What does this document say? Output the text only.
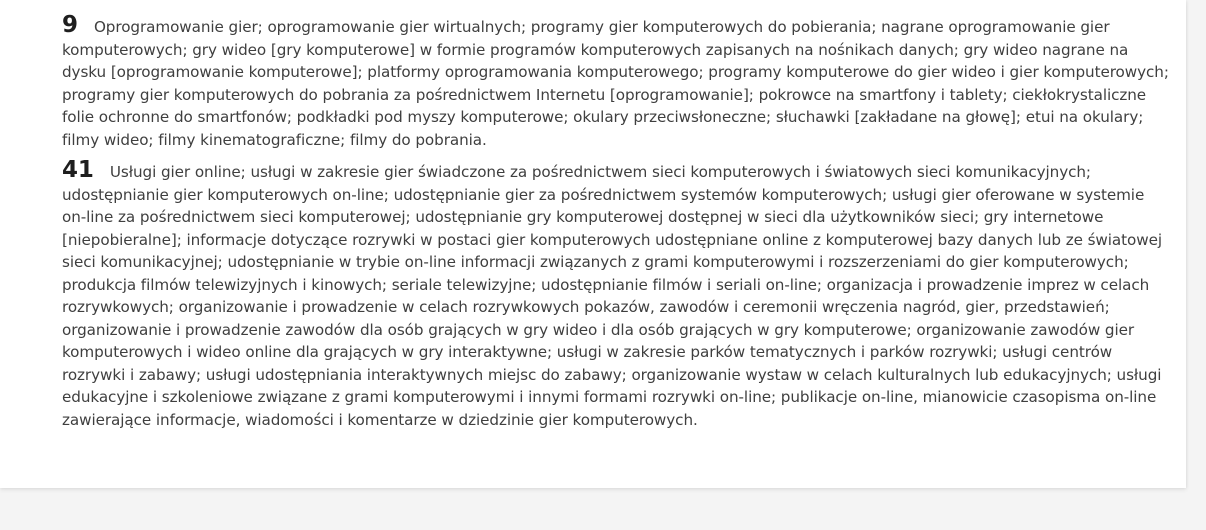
9 Oprogramowanie gier; oprogramowanie gier wirtualnych; programy gier komputerowych do pobierania; nagrane oprogramowanie gier komputerowych; gry wideo [gry komputerowe] w formie programów komputerowych zapisanych na nośnikach danych; gry wideo nagrane na dysku [oprogramowanie komputerowe]; platformy oprogramowania komputerowego; programy komputerowe do gier wideo i gier komputerowych; programy gier komputerowych do pobrania za pośrednictwem Internetu [oprogramowanie]; pokrowce na smartfony i tablety; ciekłokrystaliczne folie ochronne do smartfonów; podkładki pod myszy komputerowe; okulary przeciwsłoneczne; słuchawki [zakładane na głowę]; etui na okulary; filmy wideo; filmy kinematograficzne; filmy do pobrania.

41 Usługi gier online; usługi w zakresie gier świadczone za pośrednictwem sieci komputerowych i światowych sieci komunikacyjnych; udostępnianie gier komputerowych on-line; udostępnianie gier za pośrednictwem systemów komputerowych; usługi gier oferowane w systemie on-line za pośrednictwem sieci komputerowej; udostępnianie gry komputerowej dostępnej w sieci dla użytkowników sieci; gry internetowe [niepobieralne]; informacje dotyczące rozrywki w postaci gier komputerowych udostępniane online z komputerowej bazy danych lub ze światowej sieci komunikacyjnej; udostępnianie w trybie on-line informacji związanych z grami komputerowymi i rozszerzeniami do gier komputerowych; produkcja filmów telewizyjnych i kinowych; seriale telewizyjne; udostępnianie filmów i seriali on-line; organizacja i prowadzenie imprez w celach rozrywkowych; organizowanie i prowadzenie w celach rozrywkowych pokazów, zawodów i ceremonii wręczenia nagród, gier, przedstawień; organizowanie i prowadzenie zawodów dla osób grających w gry wideo i dla osób grających w gry komputerowe; organizowanie zawodów gier komputerowych i wideo online dla grających w gry interaktywne; usługi w zakresie parków tematycznych i parków rozrywki; usługi centrów rozrywki i zabawy; usługi udostępniania interaktywnych miejsc do zabawy; organizowanie wystaw w celach kulturalnych lub edukacyjnych; usługi edukacyjne i szkoleniowe związane z grami komputerowymi i innymi formami rozrywki on-line; publikacje on-line, mianowicie czasopisma on-line zawierające informacje, wiadomości i komentarze w dziedzinie gier komputerowych.
